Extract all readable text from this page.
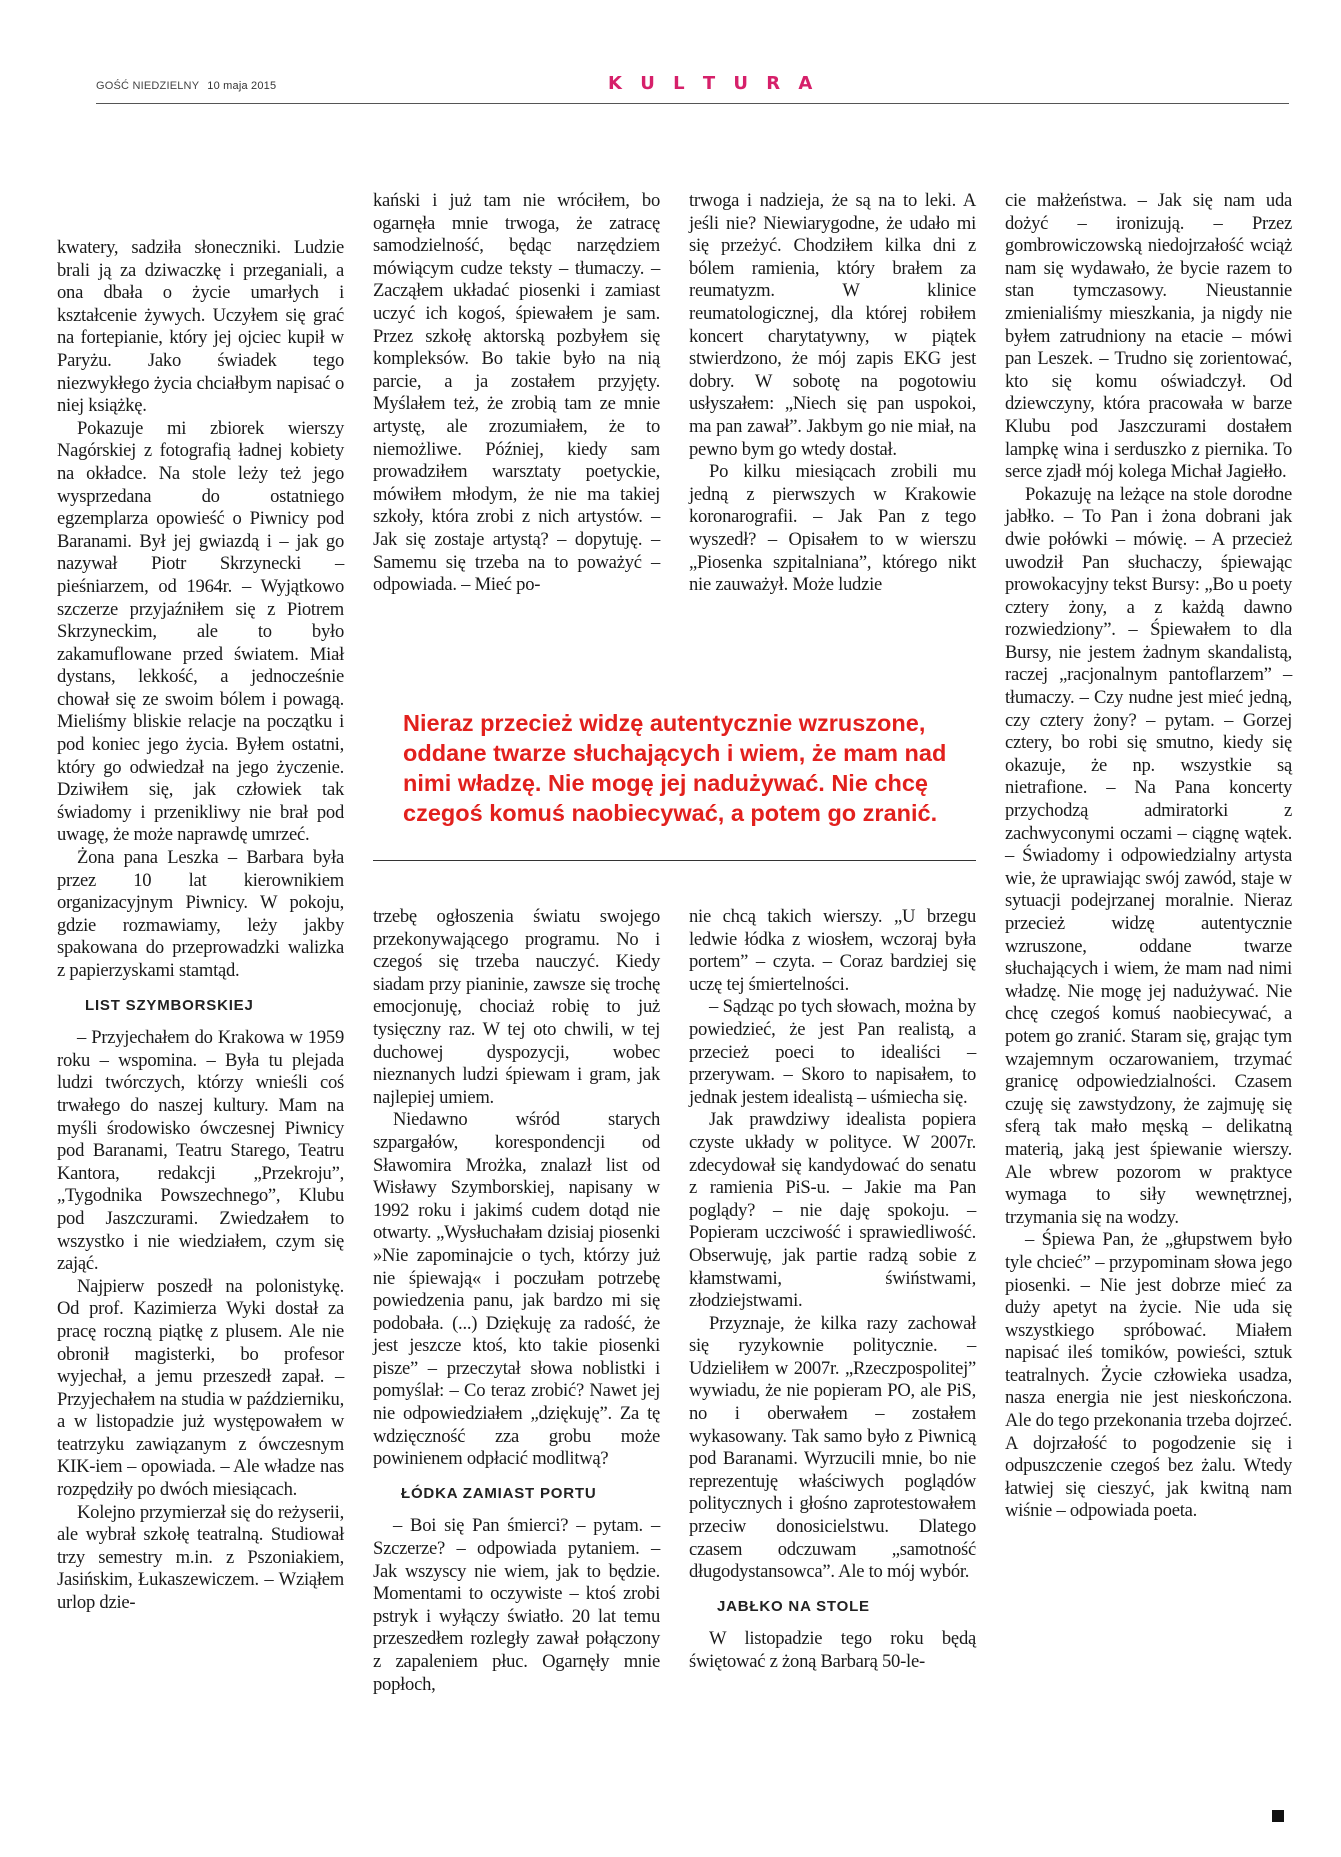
GOŚĆ NIEDZIELNY 10 maja 2015	K U L T U R A

kwatery, sadziła słoneczniki. Ludzie brali ją za dziwaczkę i przeganiali, a ona dbała o życie umarłych i kształcenie żywych. Uczyłem się grać na fortepianie, który jej ojciec kupił w Paryżu. Jako świadek tego niezwykłego życia chciałbym napisać o niej książkę.

Pokazuje mi zbiorek wierszy Nagórskiej z fotografią ładnej kobiety na okładce. Na stole leży też jego wysprzedana do ostatniego egzemplarza opowieść o Piwnicy pod Baranami. Był jej gwiazdą i – jak go nazywał Piotr Skrzynecki – pieśniarzem, od 1964r. – Wyjątkowo szczerze przyjaźniłem się z Piotrem Skrzyneckim, ale to było zakamuflowane przed światem. Miał dystans, lekkość, a jednocześnie chował się ze swoim bólem i powagą. Mieliśmy bliskie relacje na początku i pod koniec jego życia. Byłem ostatni, który go odwiedzał na jego życzenie. Dziwiłem się, jak człowiek tak świadomy i przenikliwy nie brał pod uwagę, że może naprawdę umrzeć.

Żona pana Leszka – Barbara była przez 10 lat kierownikiem organizacyjnym Piwnicy. W pokoju, gdzie rozmawiamy, leży jakby spakowana do przeprowadzki walizka z papierzyskami stamtąd.

LIST SZYMBORSKIEJ

– Przyjechałem do Krakowa w 1959 roku – wspomina. – Była tu plejada ludzi twórczych, którzy wnieśli coś trwałego do naszej kultury. Mam na myśli środowisko ówczesnej Piwnicy pod Baranami, Teatru Starego, Teatru Kantora, redakcji „Przekroju”, „Tygodnika Powszechnego”, Klubu pod Jaszczurami. Zwiedzałem to wszystko i nie wiedziałem, czym się zająć.

Najpierw poszedł na polonistykę. Od prof. Kazimierza Wyki dostał za pracę roczną piątkę z plusem. Ale nie obronił magisterki, bo profesor wyjechał, a jemu przeszedł zapał. – Przyjechałem na studia w październiku, a w listopadzie już występowałem w teatrzyku zawiązanym z ówczesnym KIK-iem – opowiada. – Ale władze nas rozpędziły po dwóch miesiącach.

Kolejno przymierzał się do reżyserii, ale wybrał szkołę teatralną. Studiował trzy semestry m.in. z Pszoniakiem, Jasińskim, Łukaszewiczem. – Wziąłem urlop dzie-

kański i już tam nie wróciłem, bo ogarnęła mnie trwoga, że zatracę samodzielność, będąc narzędziem mówiącym cudze teksty – tłumaczy. – Zacząłem układać piosenki i zamiast uczyć ich kogoś, śpiewałem je sam. Przez szkołę aktorską pozbyłem się kompleksów. Bo takie było na nią parcie, a ja zostałem przyjęty. Myślałem też, że zrobią tam ze mnie artystę, ale zrozumiałem, że to niemożliwe. Później, kiedy sam prowadziłem warsztaty poetyckie, mówiłem młodym, że nie ma takiej szkoły, która zrobi z nich artystów. – Jak się zostaje artystą? – dopytuję. – Samemu się trzeba na to poważyć – odpowiada. – Mieć po-

trwoga i nadzieja, że są na to leki. A jeśli nie? Niewiarygodne, że udało mi się przeżyć. Chodziłem kilka dni z bólem ramienia, który brałem za reumatyzm. W klinice reumatologicznej, dla której robiłem koncert charytatywny, w piątek stwierdzono, że mój zapis EKG jest dobry. W sobotę na pogotowiu usłyszałem: „Niech się pan uspokoi, ma pan zawał”. Jakbym go nie miał, na pewno bym go wtedy dostał.

Po kilku miesiącach zrobili mu jedną z pierwszych w Krakowie koronarografii. – Jak Pan z tego wyszedł? – Opisałem to w wierszu „Piosenka szpitalniana”, którego nikt nie zauważył. Może ludzie

Nieraz przecież widzę autentycznie wzruszone, oddane twarze słuchających i wiem, że mam nad nimi władzę. Nie mogę jej nadużywać. Nie chcę czegoś komuś naobiecywać, a potem go zranić.

trzebę ogłoszenia światu swojego przekonywającego programu. No i czegoś się trzeba nauczyć. Kiedy siadam przy pianinie, zawsze się trochę emocjonuję, chociaż robię to już tysięczny raz. W tej oto chwili, w tej duchowej dyspozycji, wobec nieznanych ludzi śpiewam i gram, jak najlepiej umiem.

Niedawno wśród starych szpargałów, korespondencji od Sławomira Mrożka, znalazł list od Wisławy Szymborskiej, napisany w 1992 roku i jakimś cudem dotąd nie otwarty. „Wysłuchałam dzisiaj piosenki »Nie zapominajcie o tych, którzy już nie śpiewają« i poczułam potrzebę powiedzenia panu, jak bardzo mi się podobała. (...) Dziękuję za radość, że jest jeszcze ktoś, kto takie piosenki pisze” – przeczytał słowa noblistki i pomyślał: – Co teraz zrobić? Nawet jej nie odpowiedziałem „dziękuję”. Za tę wdzięczność zza grobu może powinienem odpłacić modlitwą?

ŁÓDKA ZAMIAST PORTU

– Boi się Pan śmierci? – pytam. – Szczerze? – odpowiada pytaniem. – Jak wszyscy nie wiem, jak to będzie. Momentami to oczywiste – ktoś zrobi pstryk i wyłączy światło. 20 lat temu przeszedłem rozległy zawał połączony z zapaleniem płuc. Ogarnęły mnie popłoch,

nie chcą takich wierszy. „U brzegu ledwie łódka z wiosłem, wczoraj była portem” – czyta. – Coraz bardziej się uczę tej śmiertelności.

– Sądząc po tych słowach, można by powiedzieć, że jest Pan realistą, a przecież poeci to idealiści – przerywam. – Skoro to napisałem, to jednak jestem idealistą – uśmiecha się.

Jak prawdziwy idealista popiera czyste układy w polityce. W 2007r. zdecydował się kandydować do senatu z ramienia PiS-u. – Jakie ma Pan poglądy? – nie daję spokoju. – Popieram uczciwość i sprawiedliwość. Obserwuję, jak partie radzą sobie z kłamstwami, świństwami, złodziejstwami.

Przyznaje, że kilka razy zachował się ryzykownie politycznie. – Udzieliłem w 2007r. „Rzeczpospolitej” wywiadu, że nie popieram PO, ale PiS, no i oberwałem – zostałem wykasowany. Tak samo było z Piwnicą pod Baranami. Wyrzucili mnie, bo nie reprezentuję właściwych poglądów politycznych i głośno zaprotestowałem przeciw donosicielstwu. Dlatego czasem odczuwam „samotność długodystansowca”. Ale to mój wybór.

JABŁKO NA STOLE

W listopadzie tego roku będą świętować z żoną Barbarą 50-le-

cie małżeństwa. – Jak się nam uda dożyć – ironizują. – Przez gombrowiczowską niedojrzałość wciąż nam się wydawało, że bycie razem to stan tymczasowy. Nieustannie zmienialiśmy mieszkania, ja nigdy nie byłem zatrudniony na etacie – mówi pan Leszek. – Trudno się zorientować, kto się komu oświadczył. Od dziewczyny, która pracowała w barze Klubu pod Jaszczurami dostałem lampkę wina i serduszko z piernika. To serce zjadł mój kolega Michał Jagiełło.

Pokazuję na leżące na stole dorodne jabłko. – To Pan i żona dobrani jak dwie połówki – mówię. – A przecież uwodził Pan słuchaczy, śpiewając prowokacyjny tekst Bursy: „Bo u poety cztery żony, a z każdą dawno rozwiedziony”. – Śpiewałem to dla Bursy, nie jestem żadnym skandalistą, raczej „racjonalnym pantoflarzem” – tłumaczy. – Czy nudne jest mieć jedną, czy cztery żony? – pytam. – Gorzej cztery, bo robi się smutno, kiedy się okazuje, że np. wszystkie są nietrafione. – Na Pana koncerty przychodzą admiratorki z zachwyconymi oczami – ciągnę wątek. – Świadomy i odpowiedzialny artysta wie, że uprawiając swój zawód, staje w sytuacji podejrzanej moralnie. Nieraz przecież widzę autentycznie wzruszone, oddane twarze słuchających i wiem, że mam nad nimi władzę. Nie mogę jej nadużywać. Nie chcę czegoś komuś naobiecywać, a potem go zranić. Staram się, grając tym wzajemnym oczarowaniem, trzymać granicę odpowiedzialności. Czasem czuję się zawstydzony, że zajmuję się sferą tak mało męską – delikatną materią, jaką jest śpiewanie wierszy. Ale wbrew pozorom w praktyce wymaga to siły wewnętrznej, trzymania się na wodzy.

– Śpiewa Pan, że „głupstwem było tyle chcieć” – przypominam słowa jego piosenki. – Nie jest dobrze mieć za duży apetyt na życie. Nie uda się wszystkiego spróbować. Miałem napisać ileś tomików, powieści, sztuk teatralnych. Życie człowieka usadza, nasza energia nie jest nieskończona. Ale do tego przekonania trzeba dojrzeć. A dojrzałość to pogodzenie się i odpuszczenie czegoś bez żalu. Wtedy łatwiej się cieszyć, jak kwitną nam wiśnie – odpowiada poeta.
